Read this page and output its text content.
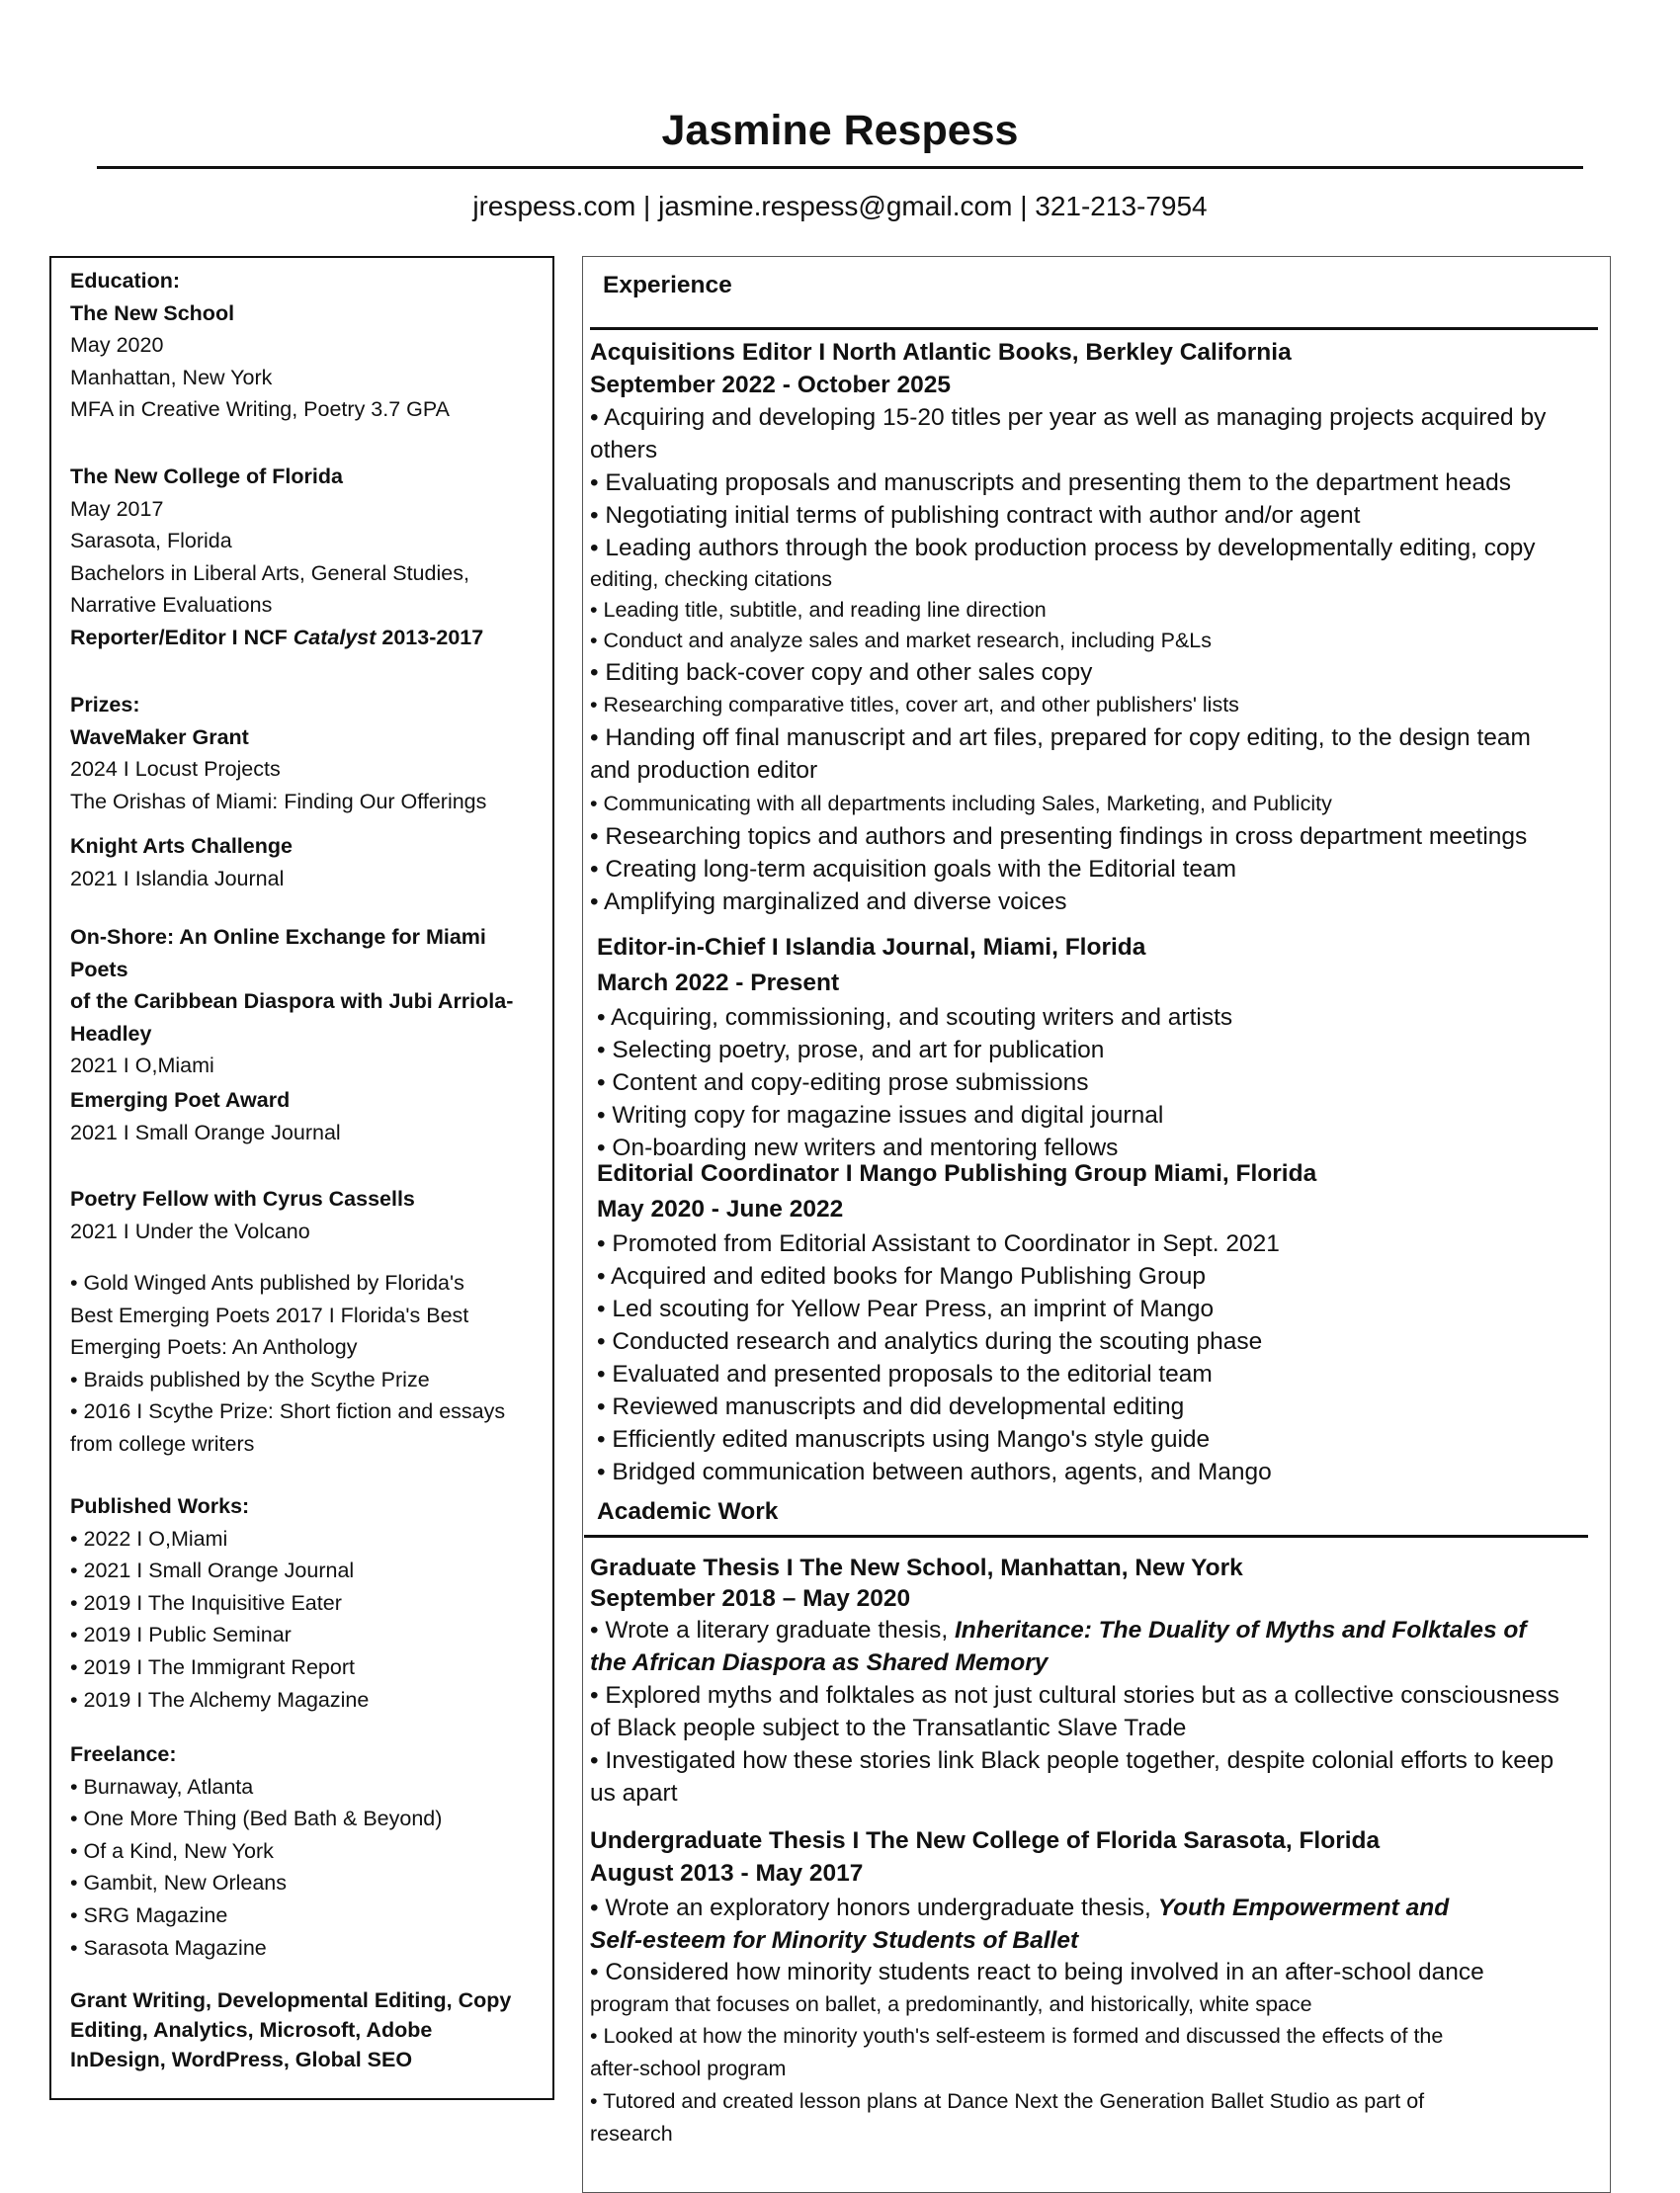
Jasmine Respess

jrespess.com | jasmine.respess@gmail.com | 321-213-7954

Education:

The New School

May 2020

Manhattan, New York

MFA in Creative Writing, Poetry 3.7 GPA

The New College of Florida

May 2017

Sarasota, Florida

Bachelors in Liberal Arts, General Studies,

Narrative Evaluations

Reporter/Editor I NCF Catalyst 2013-2017

Prizes:

WaveMaker Grant

2024 I Locust Projects

The Orishas of Miami: Finding Our Offerings

Knight Arts Challenge

2021 I Islandia Journal

On-Shore: An Online Exchange for Miami Poets

of the Caribbean Diaspora with Jubi Arriola-

Headley

2021 I O,Miami

Emerging Poet Award

2021 I Small Orange Journal

Poetry Fellow with Cyrus Cassells

2021 I Under the Volcano

• Gold Winged Ants published by Florida's

Best Emerging Poets 2017 I Florida's Best

Emerging Poets: An Anthology

• Braids published by the Scythe Prize

• 2016 I Scythe Prize: Short fiction and essays

from college writers

Published Works:

• 2022 I O,Miami

• 2021 I Small Orange Journal

• 2019 I The Inquisitive Eater

• 2019 I Public Seminar

• 2019 I The Immigrant Report

• 2019 I The Alchemy Magazine

Freelance:

• Burnaway, Atlanta

• One More Thing (Bed Bath & Beyond)

• Of a Kind, New York

• Gambit, New Orleans

• SRG Magazine

• Sarasota Magazine

Grant Writing, Developmental Editing, Copy

Editing, Analytics, Microsoft, Adobe

InDesign, WordPress, Global SEO

Experience

Acquisitions Editor I North Atlantic Books, Berkley California

September 2022 - October 2025

• Acquiring and developing 15-20 titles per year as well as managing projects acquired by

others

• Evaluating proposals and manuscripts and presenting them to the department heads

• Negotiating initial terms of publishing contract with author and/or agent

• Leading authors through the book production process by developmentally editing, copy

editing, checking citations

• Leading title, subtitle, and reading line direction

• Conduct and analyze sales and market research, including P&Ls

• Editing back-cover copy and other sales copy

• Researching comparative titles, cover art, and other publishers' lists

• Handing off final manuscript and art files, prepared for copy editing, to the design team

and production editor

• Communicating with all departments including Sales, Marketing, and Publicity

• Researching topics and authors and presenting findings in cross department meetings

• Creating long-term acquisition goals with the Editorial team

• Amplifying marginalized and diverse voices

Editor-in-Chief I Islandia Journal, Miami, Florida

March 2022 - Present

• Acquiring, commissioning, and scouting writers and artists

• Selecting poetry, prose, and art for publication

• Content and copy-editing prose submissions

• Writing copy for magazine issues and digital journal

• On-boarding new writers and mentoring fellows

Editorial Coordinator I Mango Publishing Group Miami, Florida

May 2020 - June 2022

• Promoted from Editorial Assistant to Coordinator in Sept. 2021

• Acquired and edited books for Mango Publishing Group

• Led scouting for Yellow Pear Press, an imprint of Mango

• Conducted research and analytics during the scouting phase

• Evaluated and presented proposals to the editorial team

• Reviewed manuscripts and did developmental editing

• Efficiently edited manuscripts using Mango's style guide

• Bridged communication between authors, agents, and Mango

Academic Work

Graduate Thesis I The New School, Manhattan, New York

September 2018 – May 2020

• Wrote a literary graduate thesis, Inheritance: The Duality of Myths and Folktales of

the African Diaspora as Shared Memory

• Explored myths and folktales as not just cultural stories but as a collective consciousness

of Black people subject to the Transatlantic Slave Trade

• Investigated how these stories link Black people together, despite colonial efforts to keep

us apart

Undergraduate Thesis I The New College of Florida Sarasota, Florida

August 2013 - May 2017

• Wrote an exploratory honors undergraduate thesis, Youth Empowerment and

Self-esteem for Minority Students of Ballet

• Considered how minority students react to being involved in an after-school dance

program that focuses on ballet, a predominantly, and historically, white space

• Looked at how the minority youth's self-esteem is formed and discussed the effects of the

after-school program

• Tutored and created lesson plans at Dance Next the Generation Ballet Studio as part of

research
